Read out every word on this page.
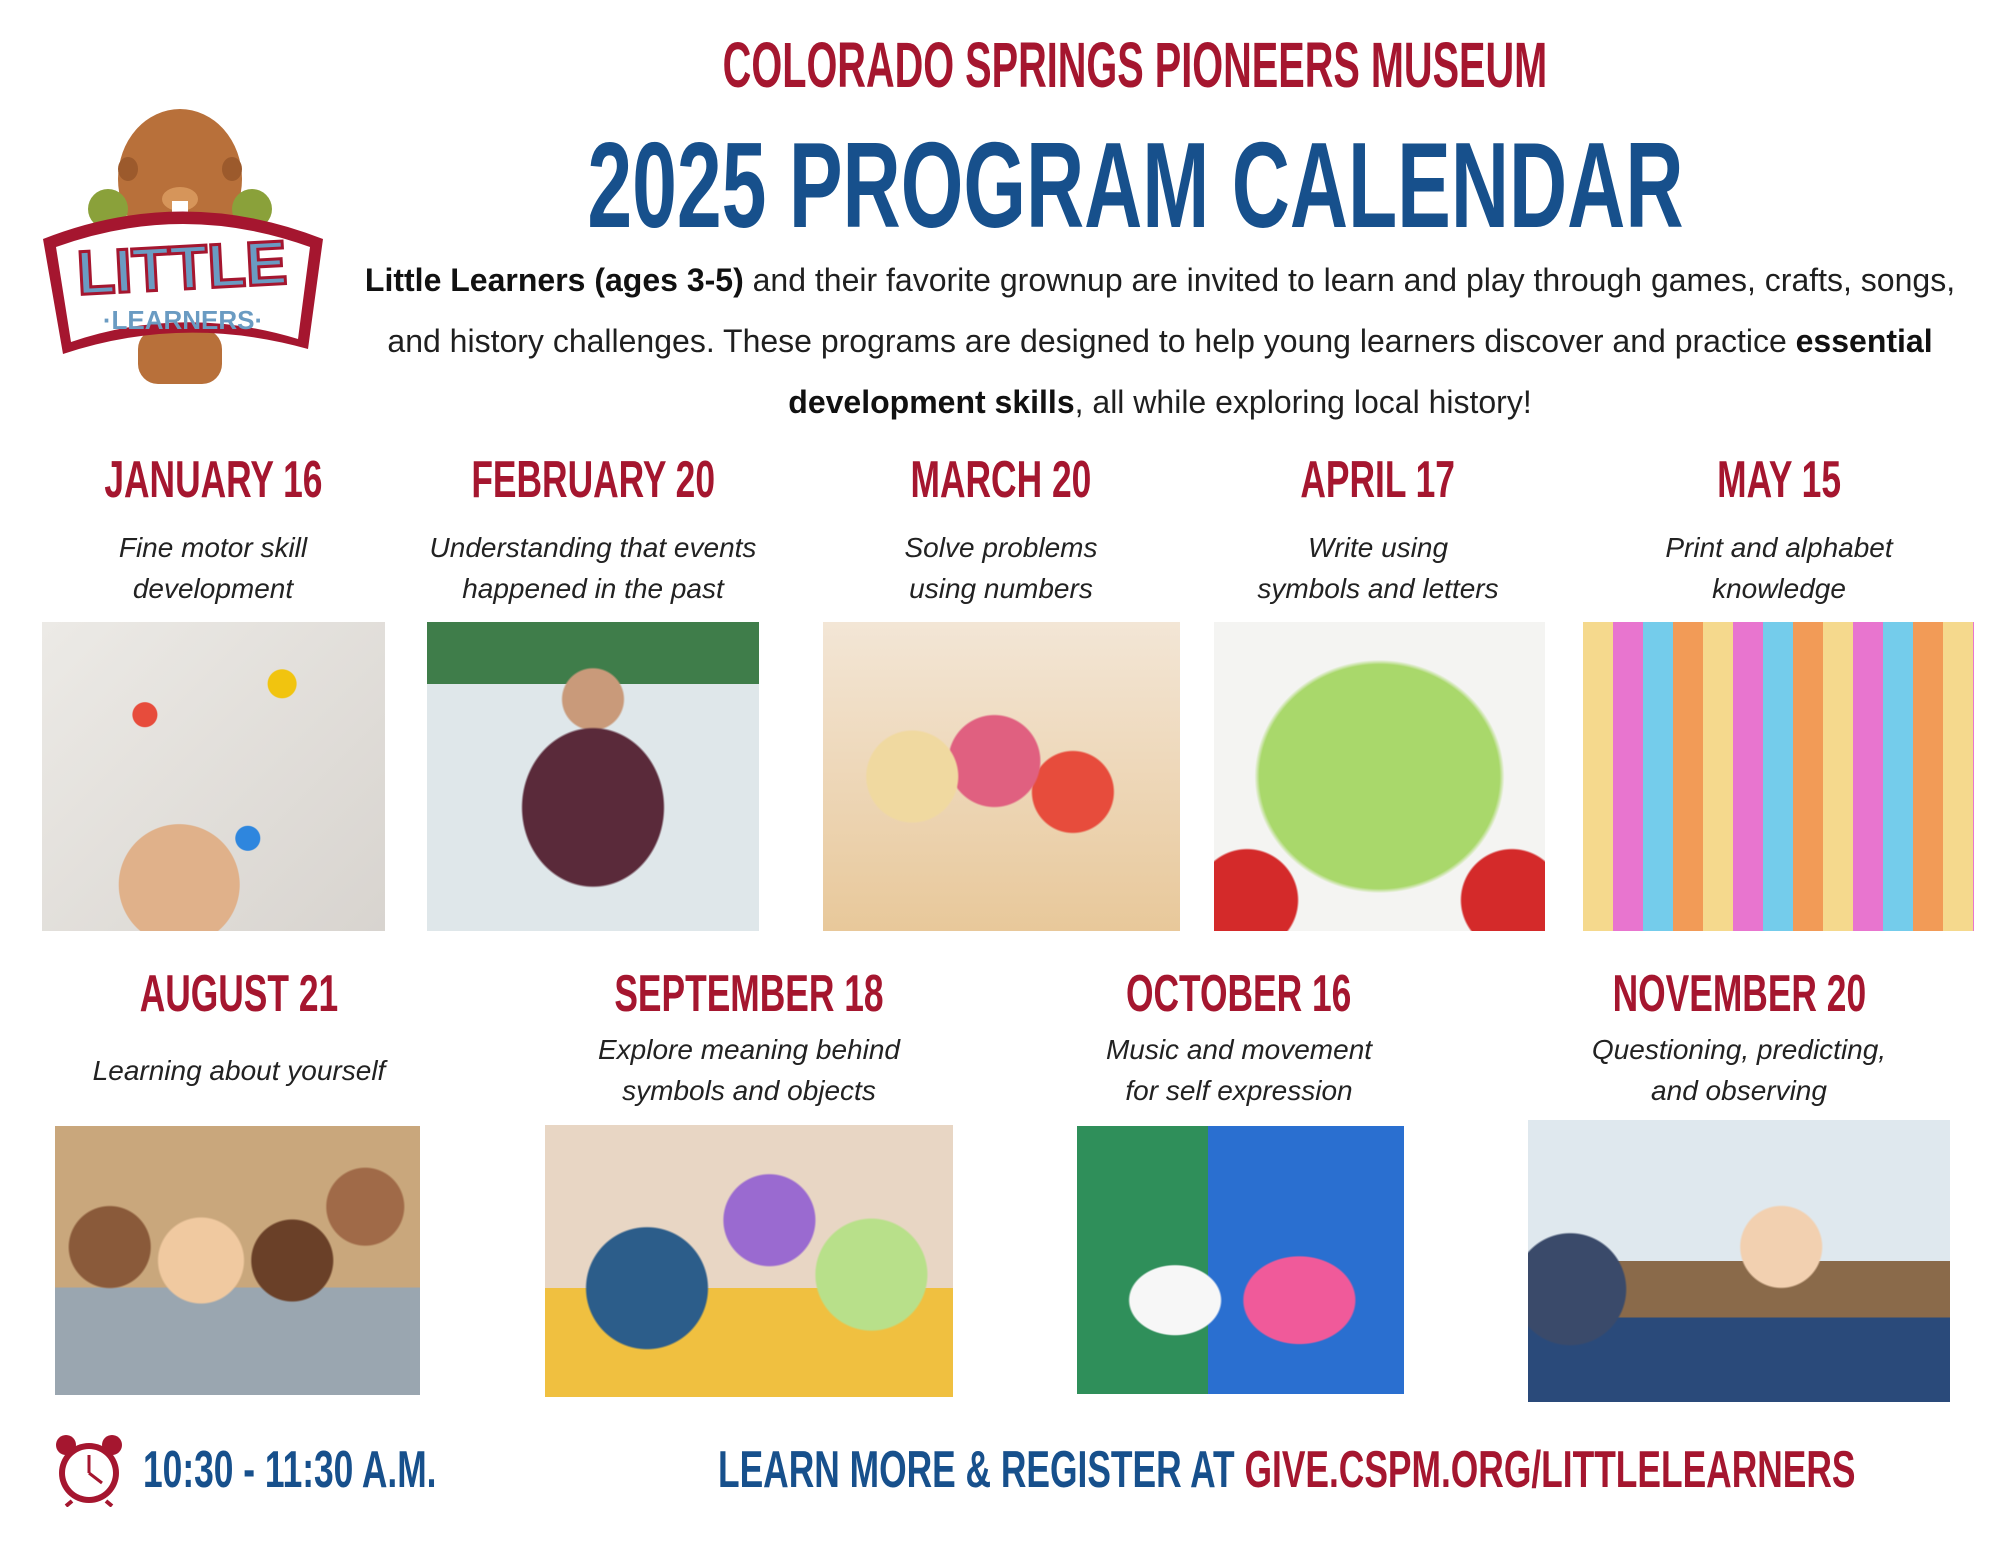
LITTLE
·LEARNERS·
COLORADO SPRINGS PIONEERS MUSEUM
2025 PROGRAM CALENDAR
Little Learners (ages 3-5) and their favorite grownup are invited to learn and play through games, crafts, songs, and history challenges. These programs are designed to help young learners discover and practice essential development skills, all while exploring local history!
JANUARY 16
Fine motor skill
development
FEBRUARY 20
Understanding that events
happened in the past
MARCH 20
Solve problems
using numbers
APRIL 17
Write using
symbols and letters
MAY 15
Print and alphabet
knowledge
AUGUST 21
Learning about yourself
SEPTEMBER 18
Explore meaning behind
symbols and objects
OCTOBER 16
Music and movement
for self expression
NOVEMBER 20
Questioning, predicting,
and observing
10:30 - 11:30 A.M.	LEARN MORE & REGISTER AT GIVE.CSPM.ORG/LITTLELEARNERS
